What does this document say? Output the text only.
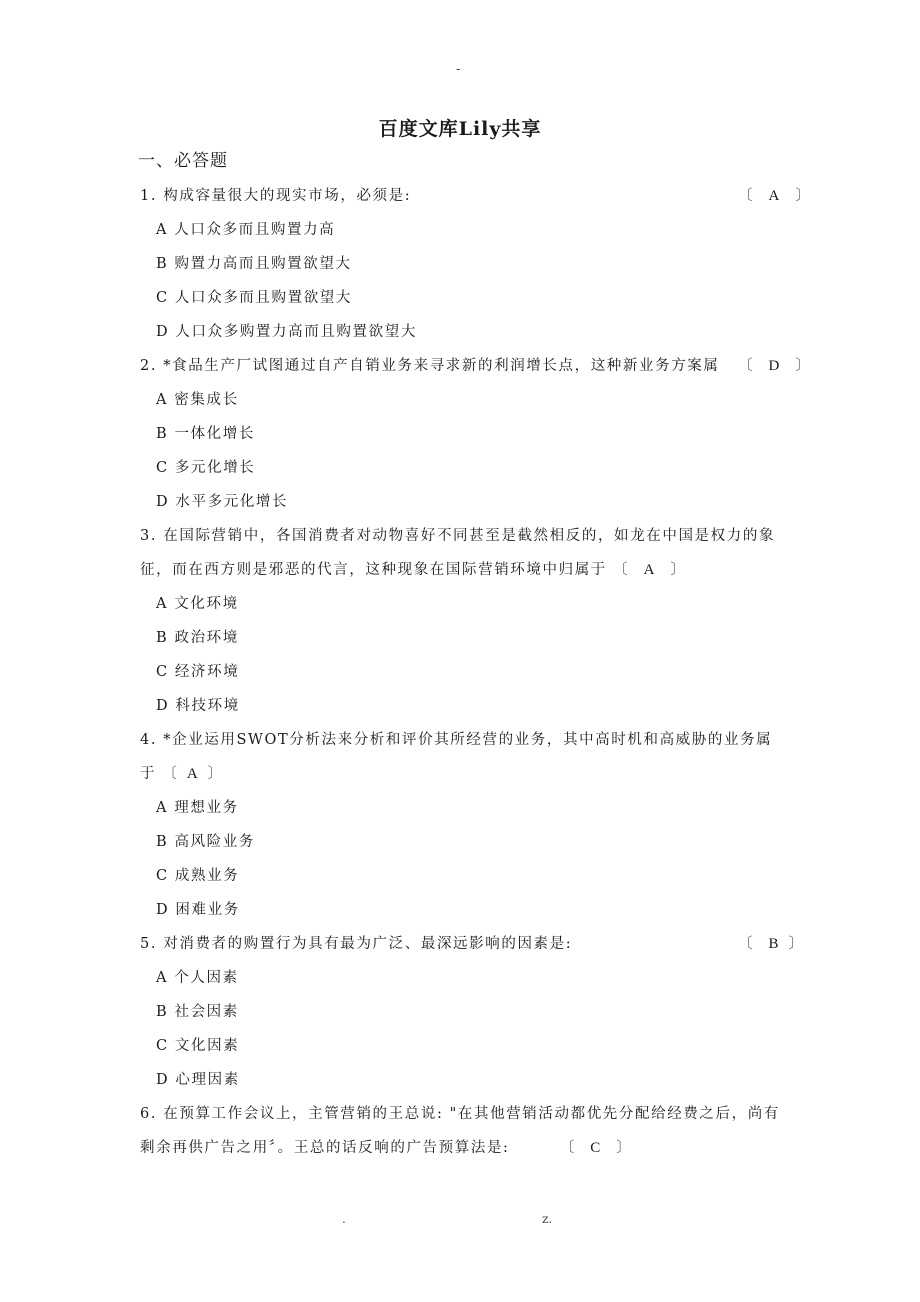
-
百度文库Lily共享
一、必答题
1. 构成容量很大的现实市场，必须是:	〔 A 〕
A 人口众多而且购置力高
B 购置力高而且购置欲望大
C 人口众多而且购置欲望大
D 人口众多购置力高而且购置欲望大
2. *食品生产厂试图通过自产自销业务来寻求新的利润增长点，这种新业务方案属 〔 D 〕
A 密集成长
B 一体化增长
C 多元化增长
D 水平多元化增长
3. 在国际营销中，各国消费者对动物喜好不同甚至是截然相反的，如龙在中国是权力的象
征，而在西方则是邪恶的代言，这种现象在国际营销环境中归属于 〔 A 〕
A 文化环境
B 政治环境
C 经济环境
D 科技环境
4. *企业运用SWOT分析法来分析和评价其所经营的业务，其中高时机和高威胁的业务属
于 〔 A 〕
A 理想业务
B 高风险业务
C 成熟业务
D 困难业务
5. 对消费者的购置行为具有最为广泛、最深远影响的因素是:	〔 B 〕
A 个人因素
B 社会因素
C 文化因素
D 心理因素
6. 在预算工作会议上，主管营销的王总说: "在其他营销活动都优先分配给经费之后，尚有
剩余再供广告之用〞。王总的话反响的广告预算法是:	〔 C 〕
.	z.
